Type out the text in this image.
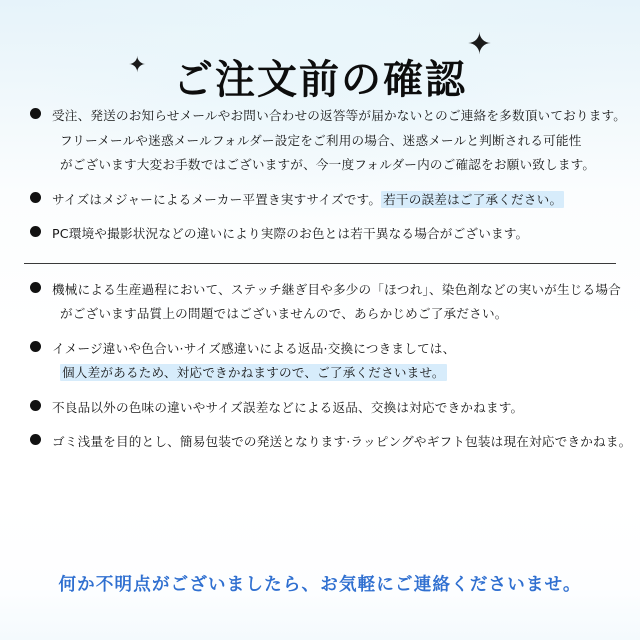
✦
✦
ご注文前の確認
受注、発送のお知らせメールやお問い合わせの返答等が届かないとのご連絡を多数頂いております。
フリーメールや迷惑メールフォルダー設定をご利用の場合、迷惑メールと判断される可能性
がございます大変お手数ではございますが、今一度フォルダー内のご確認をお願い致します。
サイズはメジャーによるメーカー平置き実すサイズです。 若干の誤差はご了承ください。
PC環境や撮影状況などの違いにより実際のお色とは若干異なる場合がございます。
機械による生産過程において、ステッチ継ぎ目や多少の「ほつれ」、染色剤などの実いが生じる場合
がございます品質上の問題ではございませんので、あらかじめご了承ださい。
イメージ違いや色合い·サイズ感違いによる返品·交換につきましては、
個人差があるため、対応できかねますので、ご了承くださいませ。
不良品以外の色味の違いやサイズ誤差などによる返品、交換は対応できかねます。
ゴミ浅量を目的とし、簡易包装での発送となります·ラッピングやギフト包装は現在対応できかねま。
何か不明点がございましたら、お気軽にご連絡くださいませ。
